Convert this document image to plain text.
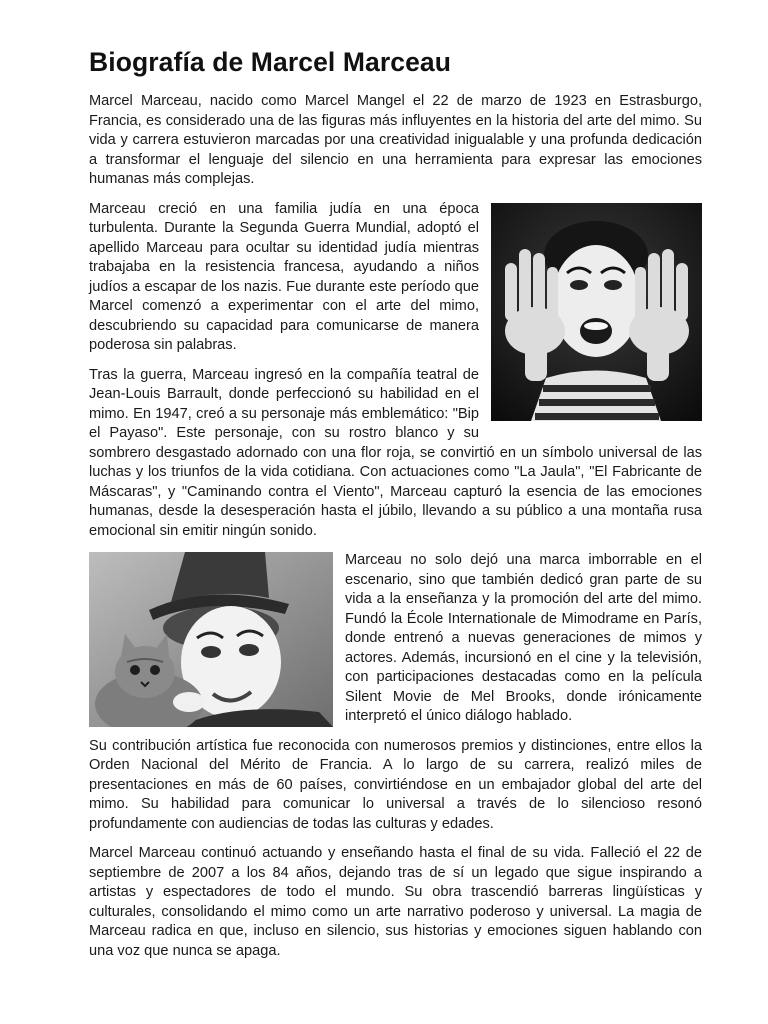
Biografía de Marcel Marceau

Marcel Marceau, nacido como Marcel Mangel el 22 de marzo de 1923 en Estrasburgo, Francia, es considerado una de las figuras más influyentes en la historia del arte del mimo. Su vida y carrera estuvieron marcadas por una creatividad inigualable y una profunda dedicación a transformar el lenguaje del silencio en una herramienta para expresar las emociones humanas más complejas.

Marceau creció en una familia judía en una época turbulenta. Durante la Segunda Guerra Mundial, adoptó el apellido Marceau para ocultar su identidad judía mientras trabajaba en la resistencia francesa, ayudando a niños judíos a escapar de los nazis. Fue durante este período que Marcel comenzó a experimentar con el arte del mimo, descubriendo su capacidad para comunicarse de manera poderosa sin palabras.

Tras la guerra, Marceau ingresó en la compañía teatral de Jean-Louis Barrault, donde perfeccionó su habilidad en el mimo. En 1947, creó a su personaje más emblemático: "Bip el Payaso". Este personaje, con su rostro blanco y su sombrero desgastado adornado con una flor roja, se convirtió en un símbolo universal de las luchas y los triunfos de la vida cotidiana. Con actuaciones como "La Jaula", "El Fabricante de Máscaras", y "Caminando contra el Viento", Marceau capturó la esencia de las emociones humanas, desde la desesperación hasta el júbilo, llevando a su público a una montaña rusa emocional sin emitir ningún sonido.

Marceau no solo dejó una marca imborrable en el escenario, sino que también dedicó gran parte de su vida a la enseñanza y la promoción del arte del mimo. Fundó la École Internationale de Mimodrame en París, donde entrenó a nuevas generaciones de mimos y actores. Además, incursionó en el cine y la televisión, con participaciones destacadas como en la película Silent Movie de Mel Brooks, donde irónicamente interpretó el único diálogo hablado.

Su contribución artística fue reconocida con numerosos premios y distinciones, entre ellos la Orden Nacional del Mérito de Francia. A lo largo de su carrera, realizó miles de presentaciones en más de 60 países, convirtiéndose en un embajador global del arte del mimo. Su habilidad para comunicar lo universal a través de lo silencioso resonó profundamente con audiencias de todas las culturas y edades.

Marcel Marceau continuó actuando y enseñando hasta el final de su vida. Falleció el 22 de septiembre de 2007 a los 84 años, dejando tras de sí un legado que sigue inspirando a artistas y espectadores de todo el mundo. Su obra trascendió barreras lingüísticas y culturales, consolidando el mimo como un arte narrativo poderoso y universal. La magia de Marceau radica en que, incluso en silencio, sus historias y emociones siguen hablando con una voz que nunca se apaga.
